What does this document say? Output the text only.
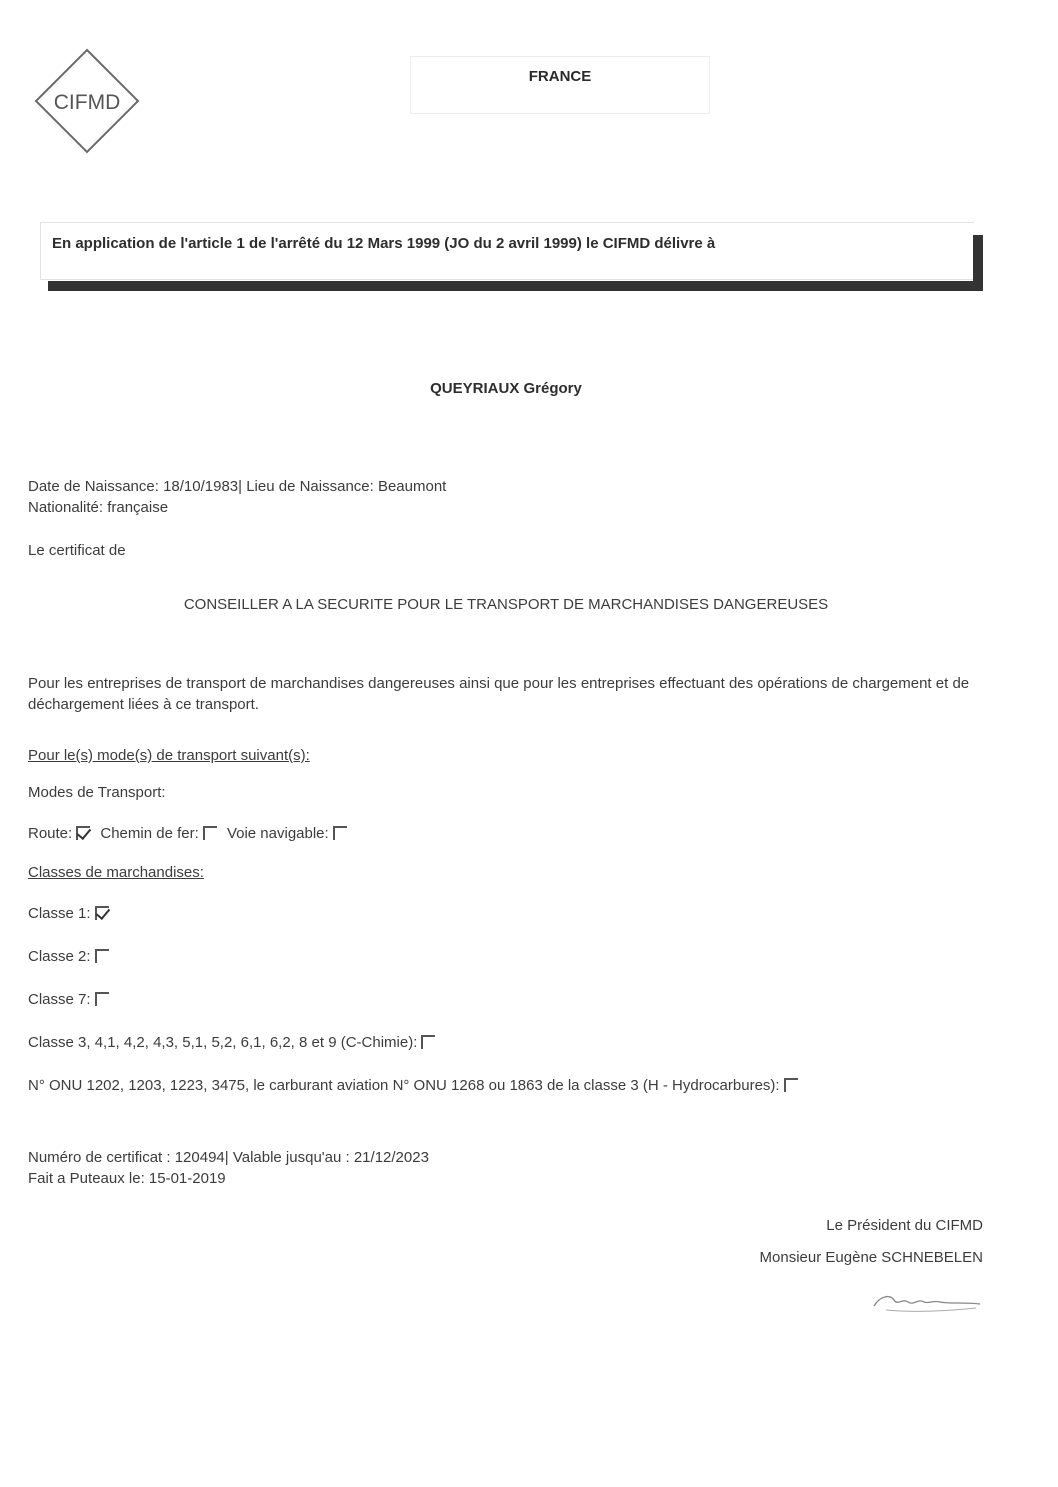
CIFMD
FRANCE
En application de l'article 1 de l'arrêté du 12 Mars 1999 (JO du 2 avril 1999) le CIFMD délivre à
QUEYRIAUX Grégory
Date de Naissance: 18/10/1983| Lieu de Naissance: Beaumont
Nationalité: française
Le certificat de
CONSEILLER A LA SECURITE POUR LE TRANSPORT DE MARCHANDISES DANGEREUSES
Pour les entreprises de transport de marchandises dangereuses ainsi que pour les entreprises effectuant des opérations de chargement et de déchargement liées à ce transport.
Pour le(s) mode(s) de transport suivant(s):
Modes de Transport:
Route: Chemin de fer: Voie navigable:
Classes de marchandises:
Classe 1:
Classe 2:
Classe 7:
Classe 3, 4,1, 4,2, 4,3, 5,1, 5,2, 6,1, 6,2, 8 et 9 (C-Chimie):
N° ONU 1202, 1203, 1223, 3475, le carburant aviation N° ONU 1268 ou 1863 de la classe 3 (H - Hydrocarbures):
Numéro de certificat : 120494| Valable jusqu'au : 21/12/2023
Fait a Puteaux le: 15-01-2019
Le Président du CIFMD
Monsieur Eugène SCHNEBELEN
